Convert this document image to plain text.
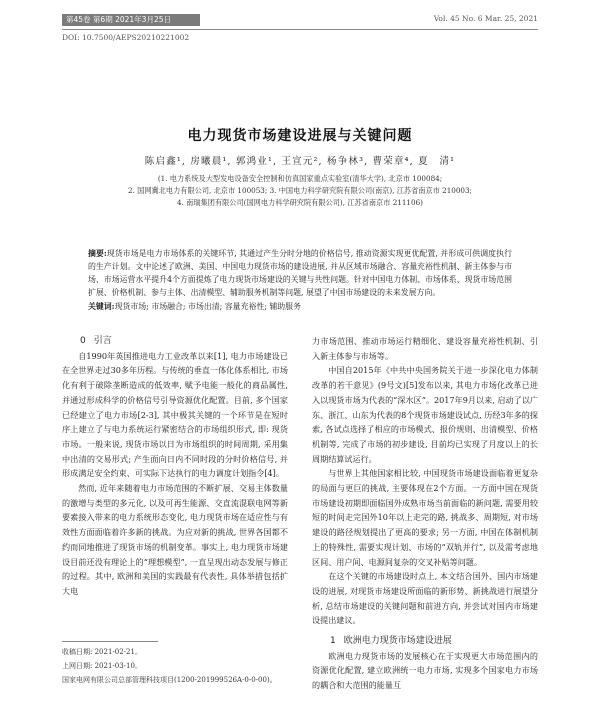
第45卷 第6期 2021年3月25日	Vol. 45 No. 6 Mar. 25, 2021
DOI: 10.7500/AEPS20210221002
电力现货市场建设进展与关键问题
陈启鑫¹, 房曦晨¹, 郭鸿业¹, 王宣元², 杨争林³, 曹荣章⁴, 夏　清¹
(1. 电力系统及大型发电设备安全控制和仿真国家重点实验室(清华大学), 北京市 100084;
2. 国网冀北电力有限公司, 北京市 100053; 3. 中国电力科学研究院有限公司(南京), 江苏省南京市 210003;
4. 南瑞集团有限公司(国网电力科学研究院有限公司), 江苏省南京市 211106)
摘要:现货市场是电力市场体系的关键环节, 其通过产生分时分地的价格信号, 推动资源实现更优配置, 并形成可供调度执行的生产计划。文中论述了欧洲、美国、中国电力现货市场的建设进展, 并从区域市场融合、容量充裕性机制、新主体参与市场、市场运营水平提升4个方面提炼了电力现货市场建设的关键与共性问题。针对中国电力体制、市场体系、现货市场范围扩展、价格机制、参与主体、出清模型、辅助服务机制等问题, 展望了中国市场建设的未来发展方向。
关键词:现货市场; 市场融合; 市场出清; 容量充裕性; 辅助服务

0 引言

自1990年英国推进电力工业改革以来[1], 电力市场建设已在全世界走过30多年历程。与传统的垂直一体化体系相比, 市场化有利于破除垄断造成的低效率, 赋予电能一般化的商品属性, 并通过形成科学的价格信号引导资源优化配置。目前, 多个国家已经建立了电力市场[2-3], 其中极其关键的一个环节是在短时序上建立了与电力系统运行紧密结合的市场组织形式, 即: 现货市场。一般来说, 现货市场以日为市场组织的时间周期, 采用集中出清的交易形式; 产生面向日内不同时段的分时价格信号, 并形成满足安全约束、可实际下达执行的电力调度计划指令[4]。

然而, 近年来随着电力市场范围的不断扩展、交易主体数量的激增与类型的多元化, 以及可再生能源、交直流混联电网等新要素接入带来的电力系统形态变化, 电力现货市场在适应性与有效性方面面临着许多新的挑战。为应对新的挑战, 世界各国都不约而同地推进了现货市场的机制变革。事实上, 电力现货市场建设目前还没有理论上的“理想模型”, 一直呈现出动态发展与修正的过程。其中, 欧洲和美国的实践最有代表性, 具体举措包括扩大电

力市场范围、推动市场运行精细化、建设容量充裕性机制、引入新主体参与市场等。

中国自2015年《中共中央国务院关于进一步深化电力体制改革的若干意见》(9号文)[5]发布以来, 其电力市场化改革已进入以现货市场为代表的“深水区”。2017年9月以来, 启动了以广东、浙江、山东为代表的8个现货市场建设试点, 历经3年多的探索, 各试点选择了相应的市场模式、报价规则、出清模型、价格机制等, 完成了市场的初步建设, 目前均已实现了月度以上的长周期结算试运行。

与世界上其他国家相比较, 中国现货市场建设面临着更复杂的局面与更巨的挑战, 主要体现在2个方面。一方面中国在现货市场建设初期即面临国外成熟市场当前面临的新问题, 需要用较短的时间走完国外10年以上走完的路, 挑战多、周期短, 对市场建设的路径规划提出了更高的要求; 另一方面, 中国在体制机制上的特殊性, 需要实现计划、市场的“双轨并行”, 以及需考虑地区间、用户间、电源间复杂的交叉补贴等问题。

在这个关键的市场建设时点上, 本文结合国外、国内市场建设的进展, 对现货市场建设所面临的新形势、新挑战进行展望分析, 总结市场建设的关键问题和前进方向, 并尝试对国内市场建设提出建议。

1 欧洲电力现货市场建设进展

欧洲电力现货市场的发展核心在于实现更大市场范围内的资源优化配置, 建立欧洲统一电力市场, 实现多个国家电力市场的耦合和大范围的能量互

收稿日期: 2021-02-21。
上网日期: 2021-03-10。
国家电网有限公司总部管理科技项目(1200-201999526A-0-0-00)。
